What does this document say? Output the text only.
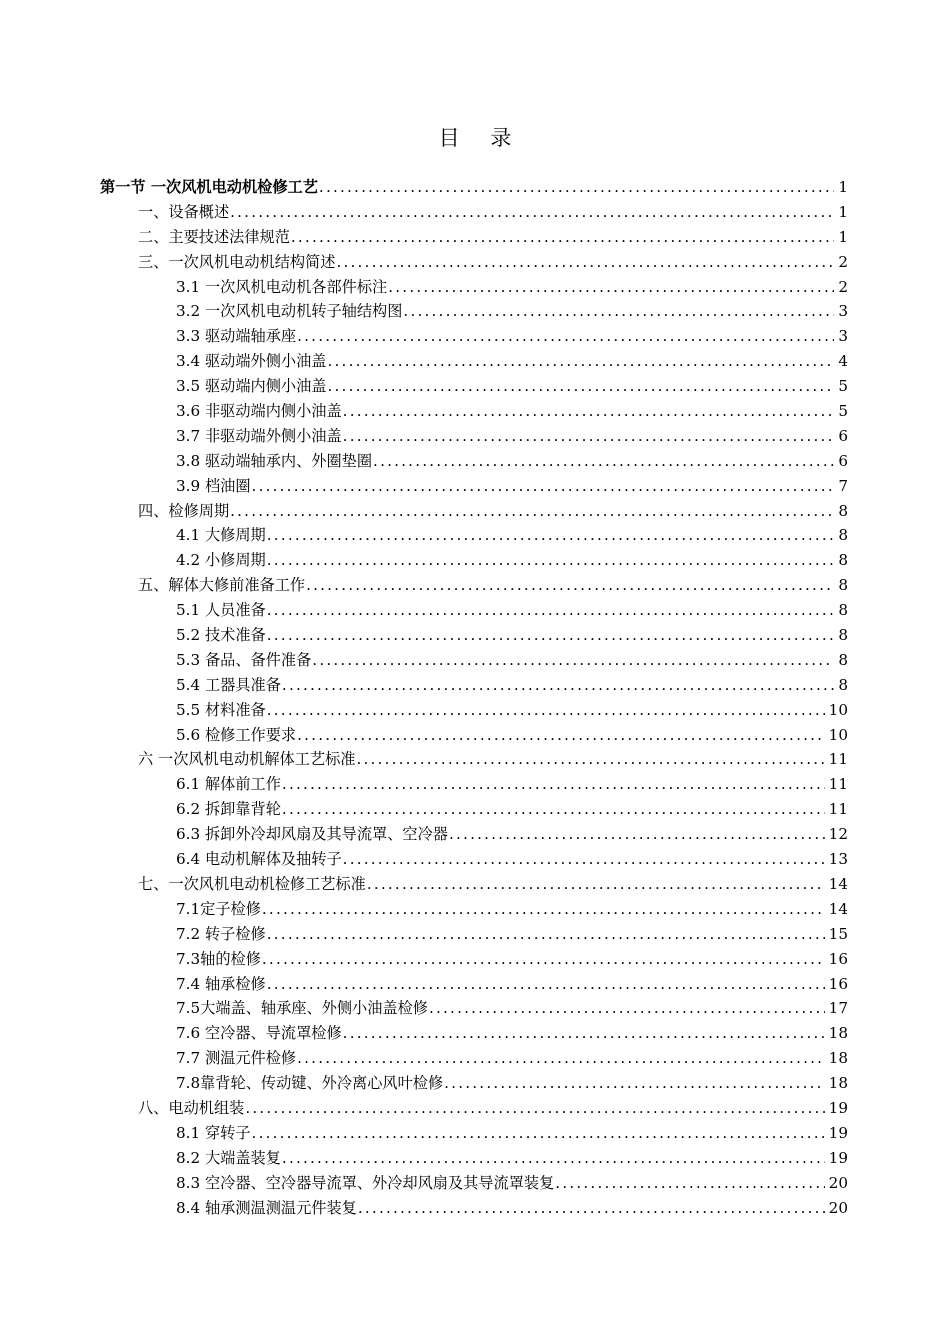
目 录
第一节 一次风机电动机检修工艺 .....	1
一、设备概述 .....	1
二、主要技述法律规范 .....	1
三、一次风机电动机结构简述 .....	2
3.1 一次风机电动机各部件标注 .....	2
3.2 一次风机电动机转子轴结构图 .....	3
3.3 驱动端轴承座 .....	3
3.4 驱动端外侧小油盖 .....	4
3.5 驱动端内侧小油盖 .....	5
3.6 非驱动端内侧小油盖 .....	5
3.7 非驱动端外侧小油盖 .....	6
3.8 驱动端轴承内、外圈垫圈 .....	6
3.9 档油圈 .....	7
四、检修周期 .....	8
4.1 大修周期 .....	8
4.2 小修周期 .....	8
五、解体大修前准备工作 .....	8
5.1 人员准备 .....	8
5.2 技术准备 .....	8
5.3 备品、备件准备 .....	8
5.4 工器具准备 .....	8
5.5 材料准备 .....	10
5.6 检修工作要求 .....	10
六 一次风机电动机解体工艺标准 .....	11
6.1 解体前工作 .....	11
6.2 拆卸靠背轮 .....	11
6.3 拆卸外冷却风扇及其导流罩、空冷器 .....	12
6.4 电动机解体及抽转子 .....	13
七、一次风机电动机检修工艺标准 .....	14
7.1定子检修 .....	14
7.2 转子检修 .....	15
7.3轴的检修 .....	16
7.4 轴承检修 .....	16
7.5大端盖、轴承座、外侧小油盖检修 .....	17
7.6 空冷器、导流罩检修 .....	18
7.7 测温元件检修 .....	18
7.8靠背轮、传动键、外冷离心风叶检修 .....	18
八、电动机组装 .....	19
8.1 穿转子 .....	19
8.2 大端盖装复 .....	19
8.3 空冷器、空冷器导流罩、外冷却风扇及其导流罩装复 .....	20
8.4 轴承测温测温元件装复 .....	20
